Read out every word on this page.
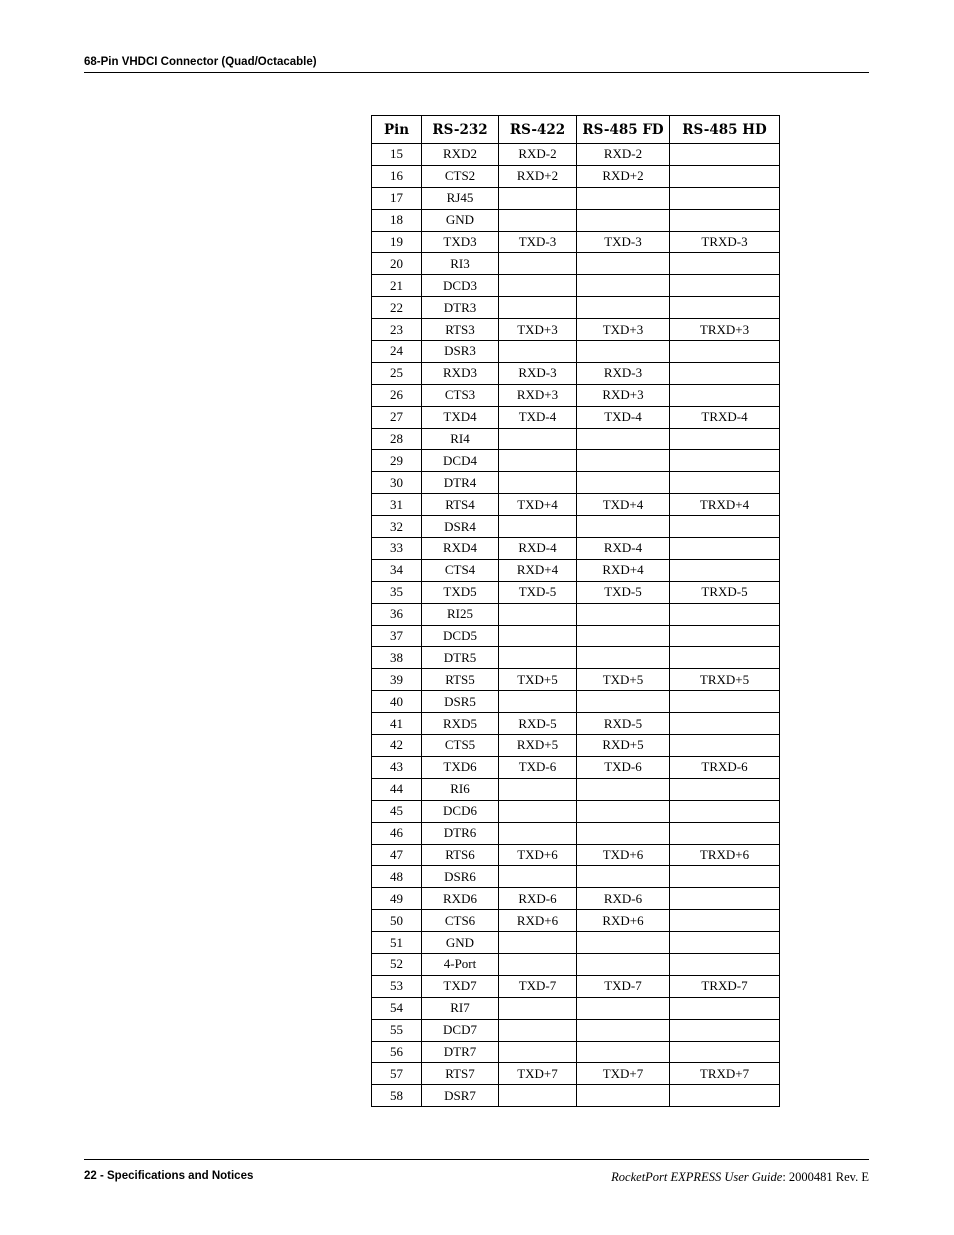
68-Pin VHDCI Connector (Quad/Octacable)
Pin	RS-232	RS-422	RS-485 FD	RS-485 HD
15	RXD2	RXD-2	RXD-2	
16	CTS2	RXD+2	RXD+2	
17	RJ45			
18	GND			
19	TXD3	TXD-3	TXD-3	TRXD-3
20	RI3			
21	DCD3			
22	DTR3			
23	RTS3	TXD+3	TXD+3	TRXD+3
24	DSR3			
25	RXD3	RXD-3	RXD-3	
26	CTS3	RXD+3	RXD+3	
27	TXD4	TXD-4	TXD-4	TRXD-4
28	RI4			
29	DCD4			
30	DTR4			
31	RTS4	TXD+4	TXD+4	TRXD+4
32	DSR4			
33	RXD4	RXD-4	RXD-4	
34	CTS4	RXD+4	RXD+4	
35	TXD5	TXD-5	TXD-5	TRXD-5
36	RI25			
37	DCD5			
38	DTR5			
39	RTS5	TXD+5	TXD+5	TRXD+5
40	DSR5			
41	RXD5	RXD-5	RXD-5	
42	CTS5	RXD+5	RXD+5	
43	TXD6	TXD-6	TXD-6	TRXD-6
44	RI6			
45	DCD6			
46	DTR6			
47	RTS6	TXD+6	TXD+6	TRXD+6
48	DSR6			
49	RXD6	RXD-6	RXD-6	
50	CTS6	RXD+6	RXD+6	
51	GND			
52	4-Port			
53	TXD7	TXD-7	TXD-7	TRXD-7
54	RI7			
55	DCD7			
56	DTR7			
57	RTS7	TXD+7	TXD+7	TRXD+7
58	DSR7			
22 - Specifications and Notices	RocketPort EXPRESS User Guide: 2000481 Rev. E
